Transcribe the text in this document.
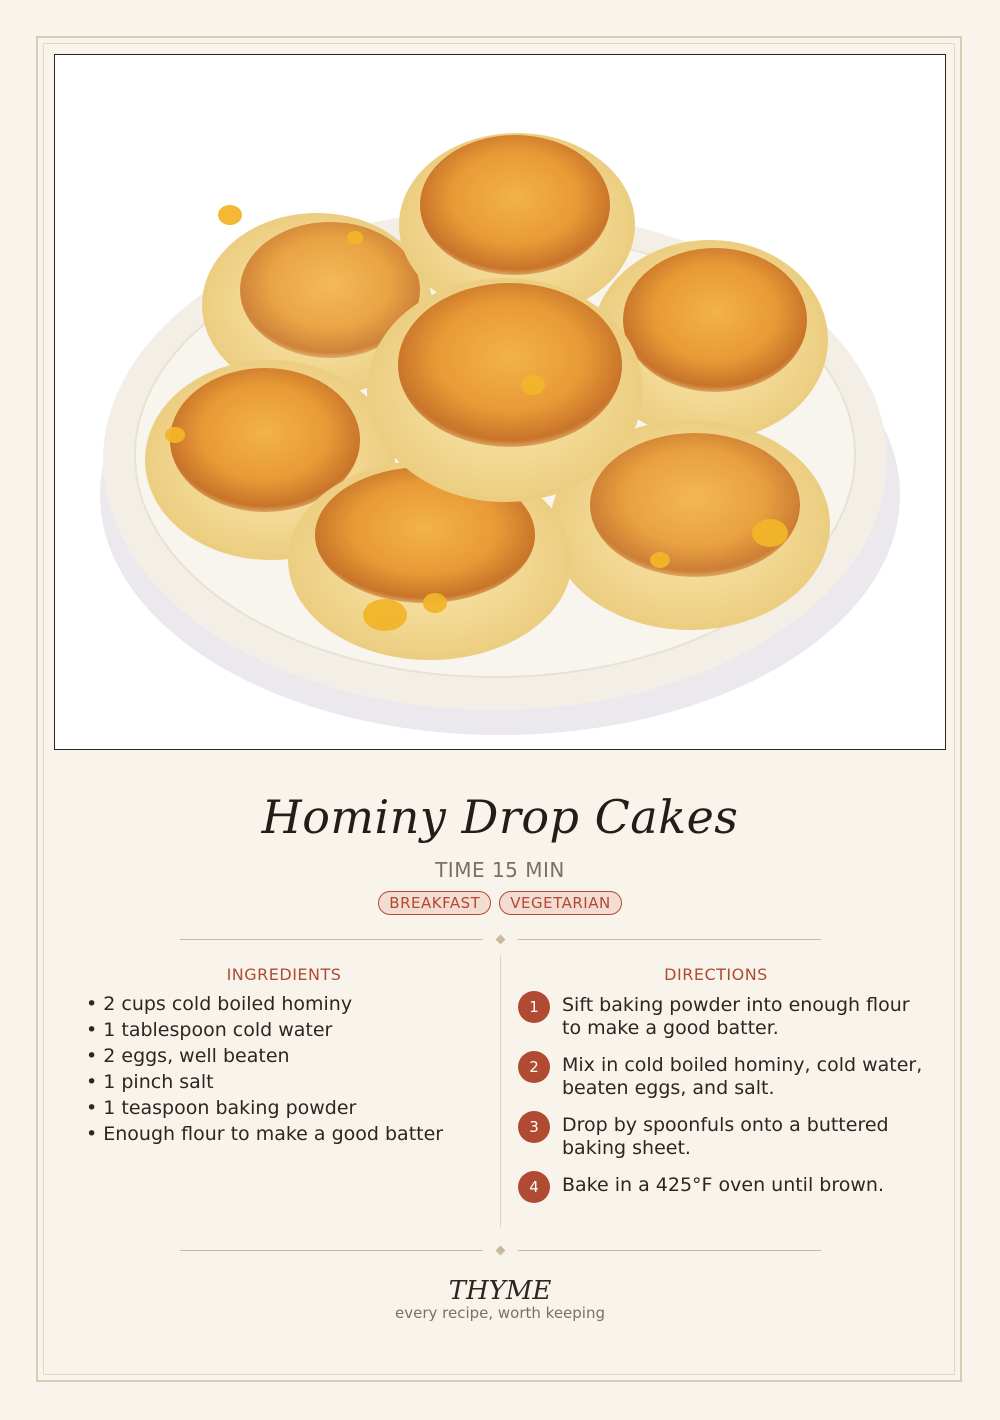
Hominy Drop Cakes
TIME 15 MIN
BREAKFAST VEGETARIAN
INGREDIENTS
• 2 cups cold boiled hominy
• 1 tablespoon cold water
• 2 eggs, well beaten
• 1 pinch salt
• 1 teaspoon baking powder
• Enough flour to make a good batter
DIRECTIONS
1	Sift baking powder into enough flour to make a good batter.
2	Mix in cold boiled hominy, cold water, beaten eggs, and salt.
3	Drop by spoonfuls onto a buttered baking sheet.
4	Bake in a 425°F oven until brown.
THYME
every recipe, worth keeping
